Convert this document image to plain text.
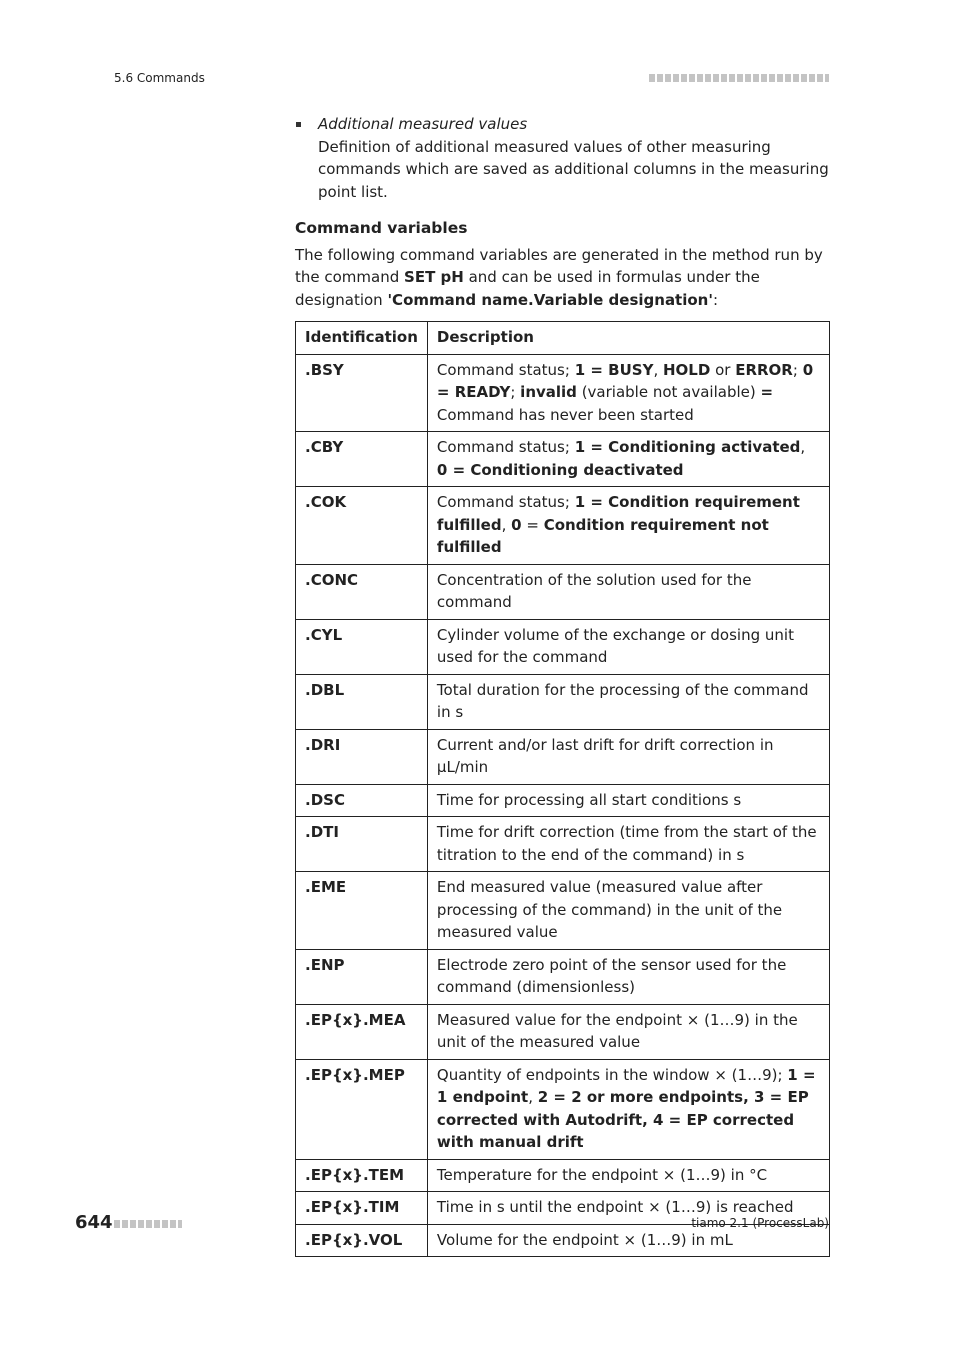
5.6 Commands
Additional measured values
Definition of additional measured values of other measuring commands which are saved as additional columns in the measuring point list.
Command variables
The following command variables are generated in the method run by the command SET pH and can be used in formulas under the designation 'Command name.Variable designation':
Identification	Description
.BSY	Command status; 1 = BUSY, HOLD or ERROR; 0 = READY; invalid (variable not available) = Command has never been started
.CBY	Command status; 1 = Conditioning activated, 0 = Conditioning deactivated
.COK	Command status; 1 = Condition requirement fulfilled, 0 = Condition requirement not fulfilled
.CONC	Concentration of the solution used for the command
.CYL	Cylinder volume of the exchange or dosing unit used for the command
.DBL	Total duration for the processing of the command in s
.DRI	Current and/or last drift for drift correction in µL/min
.DSC	Time for processing all start conditions s
.DTI	Time for drift correction (time from the start of the titration to the end of the command) in s
.EME	End measured value (measured value after processing of the command) in the unit of the measured value
.ENP	Electrode zero point of the sensor used for the command (dimensionless)
.EP{x}.MEA	Measured value for the endpoint × (1…9) in the unit of the measured value
.EP{x}.MEP	Quantity of endpoints in the window × (1…9); 1 = 1 endpoint, 2 = 2 or more endpoints, 3 = EP corrected with Autodrift, 4 = EP corrected with manual drift
.EP{x}.TEM	Temperature for the endpoint × (1…9) in °C
.EP{x}.TIM	Time in s until the endpoint × (1…9) is reached
.EP{x}.VOL	Volume for the endpoint × (1…9) in mL
644	tiamo 2.1 (ProcessLab)
